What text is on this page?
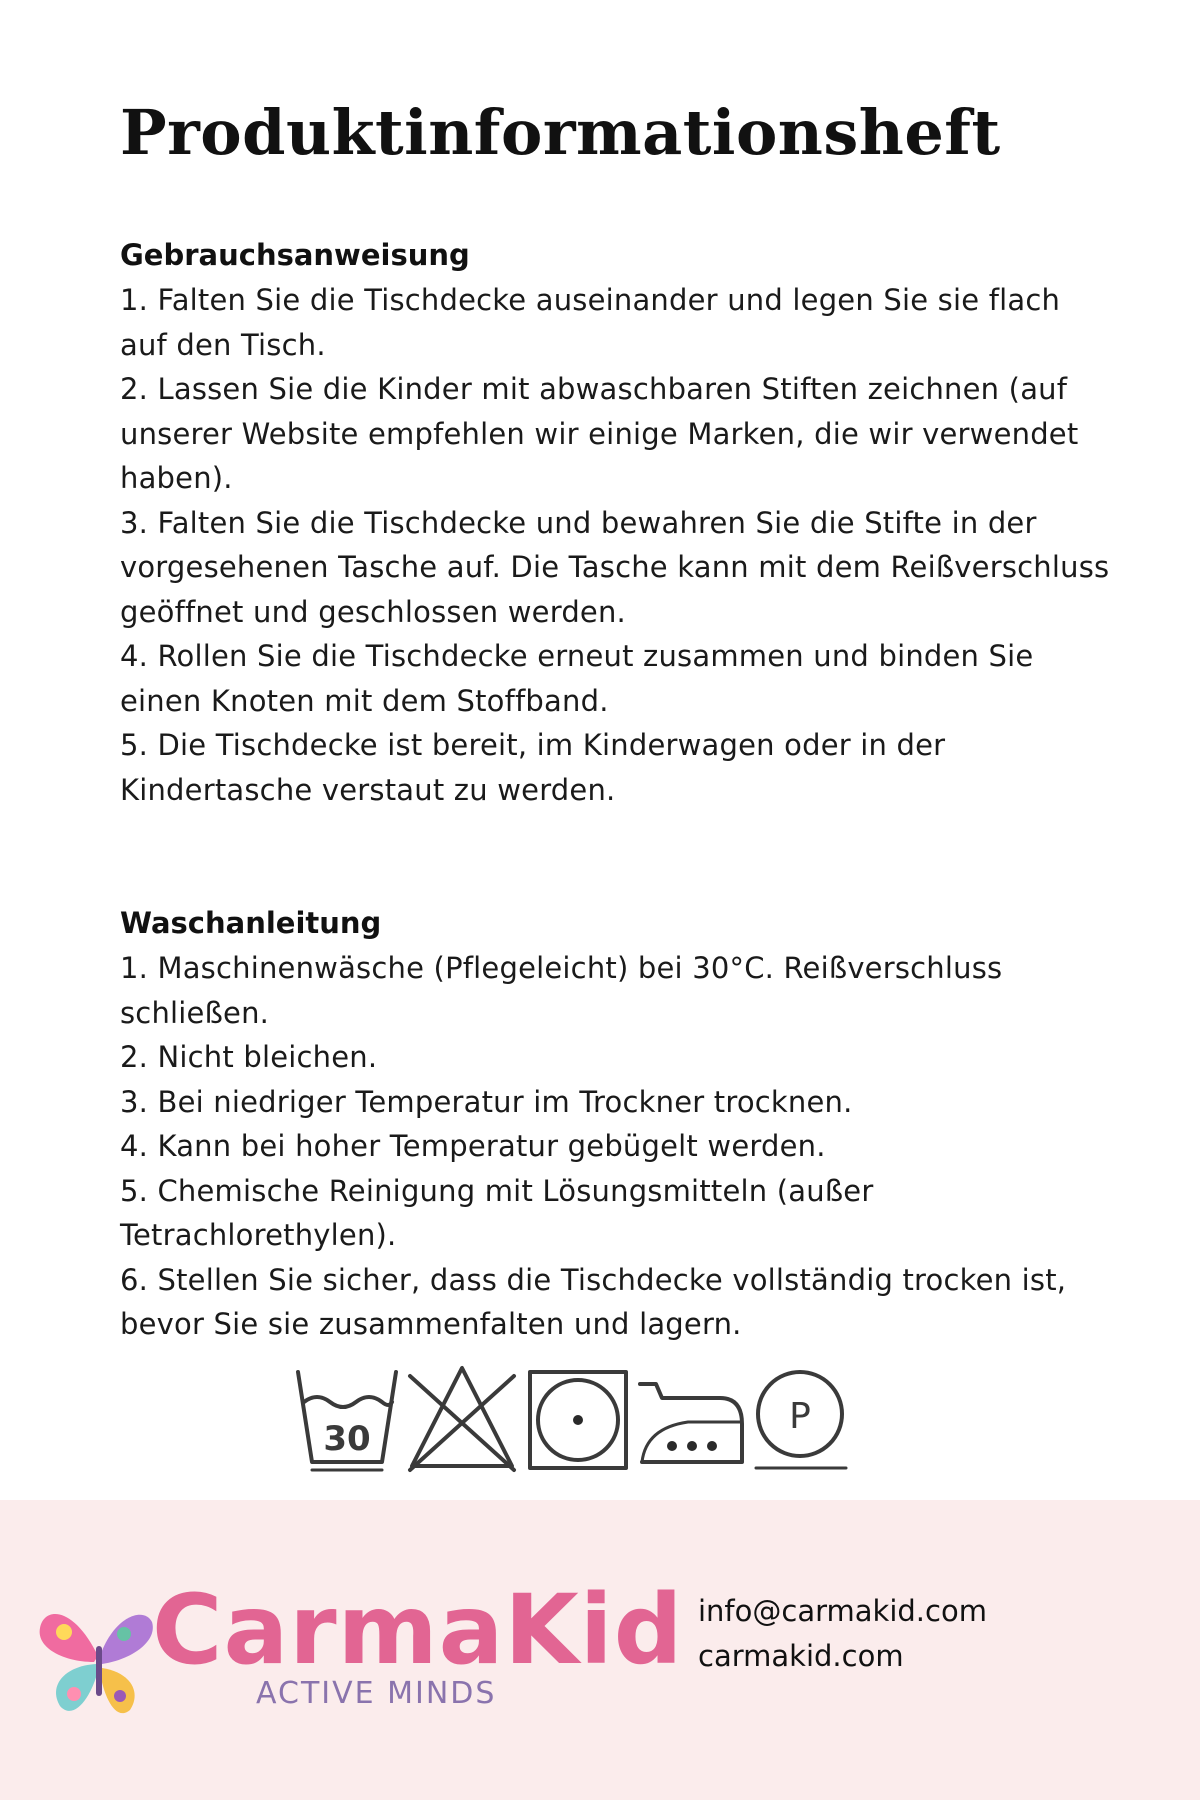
Produktinformationsheft
Gebrauchsanweisung

1. Falten Sie die Tischdecke auseinander und legen Sie sie flach auf den Tisch.

2. Lassen Sie die Kinder mit abwaschbaren Stiften zeichnen (auf unserer Website empfehlen wir einige Marken, die wir verwendet haben).

3. Falten Sie die Tischdecke und bewahren Sie die Stifte in der vorgesehenen Tasche auf. Die Tasche kann mit dem Reißverschluss geöffnet und geschlossen werden.

4. Rollen Sie die Tischdecke erneut zusammen und binden Sie einen Knoten mit dem Stoffband.

5. Die Tischdecke ist bereit, im Kinderwagen oder in der Kindertasche verstaut zu werden.

Waschanleitung

1. Maschinenwäsche (Pflegeleicht) bei 30°C. Reißverschluss schließen.

2. Nicht bleichen.

3. Bei niedriger Temperatur im Trockner trocknen.

4. Kann bei hoher Temperatur gebügelt werden.

5. Chemische Reinigung mit Lösungsmitteln (außer Tetrachlorethylen).

6. Stellen Sie sicher, dass die Tischdecke vollständig trocken ist, bevor Sie sie zusammenfalten und lagern.

30
P
CarmaKid
ACTIVE MINDS
info@carmakid.com
carmakid.com
